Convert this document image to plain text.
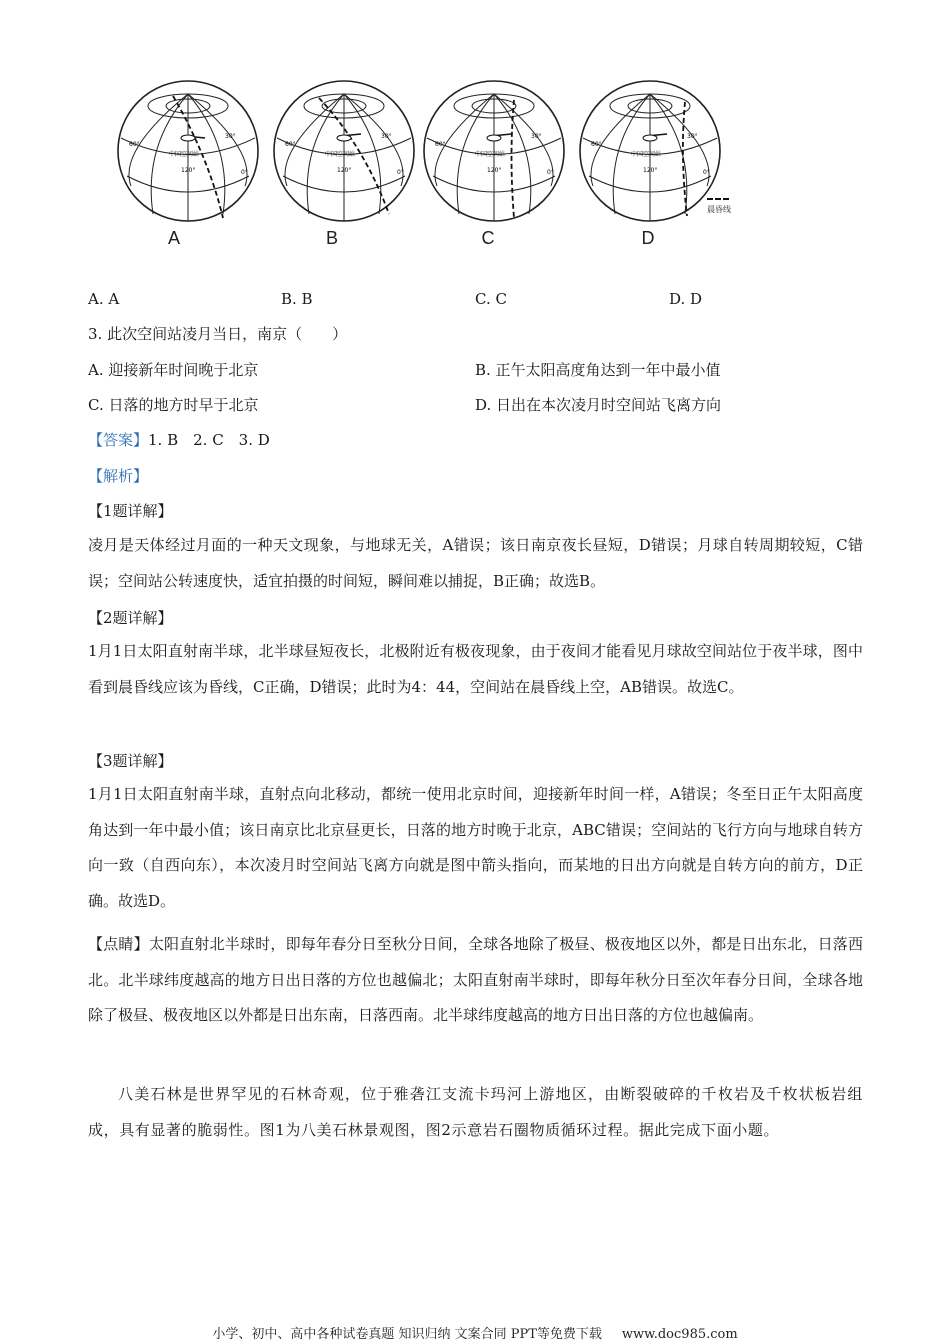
60°
30°
0°
120°
中国空间站
A
60°
30°
0°
120°
中国空间站
B
60°
30°
0°
120°
中国空间站
C
60°
30°
0°
120°
中国空间站
D
晨昏线
A. A	B. B	C. C	D. D
3. 此次空间站凌月当日，南京（　　）
A. 迎接新年时间晚于北京	B. 正午太阳高度角达到一年中最小值
C. 日落的地方时早于北京	D. 日出在本次凌月时空间站飞离方向
【答案】1. B　2. C　3. D
【解析】
【1题详解】
凌月是天体经过月面的一种天文现象，与地球无关，A错误；该日南京夜长昼短，D错误；月球自转周期较短，C错误；空间站公转速度快，适宜拍摄的时间短，瞬间难以捕捉，B正确；故选B。
【2题详解】
1月1日太阳直射南半球，北半球昼短夜长，北极附近有极夜现象，由于夜间才能看见月球故空间站位于夜半球，图中看到晨昏线应该为昏线，C正确，D错误；此时为4：44，空间站在晨昏线上空，AB错误。故选C。
【3题详解】
1月1日太阳直射南半球，直射点向北移动，都统一使用北京时间，迎接新年时间一样，A错误；冬至日正午太阳高度角达到一年中最小值；该日南京比北京昼更长，日落的地方时晚于北京，ABC错误；空间站的飞行方向与地球自转方向一致（自西向东），本次凌月时空间站飞离方向就是图中箭头指向，而某地的日出方向就是自转方向的前方，D正确。故选D。
【点睛】太阳直射北半球时，即每年春分日至秋分日间，全球各地除了极昼、极夜地区以外，都是日出东北，日落西北。北半球纬度越高的地方日出日落的方位也越偏北；太阳直射南半球时，即每年秋分日至次年春分日间，全球各地除了极昼、极夜地区以外都是日出东南，日落西南。北半球纬度越高的地方日出日落的方位也越偏南。
八美石林是世界罕见的石林奇观，位于雅砻江支流卡玛河上游地区，由断裂破碎的千枚岩及千枚状板岩组成，具有显著的脆弱性。图1为八美石林景观图，图2示意岩石圈物质循环过程。据此完成下面小题。
小学、初中、高中各种试卷真题 知识归纳 文案合同 PPT等免费下载 www.doc985.com
